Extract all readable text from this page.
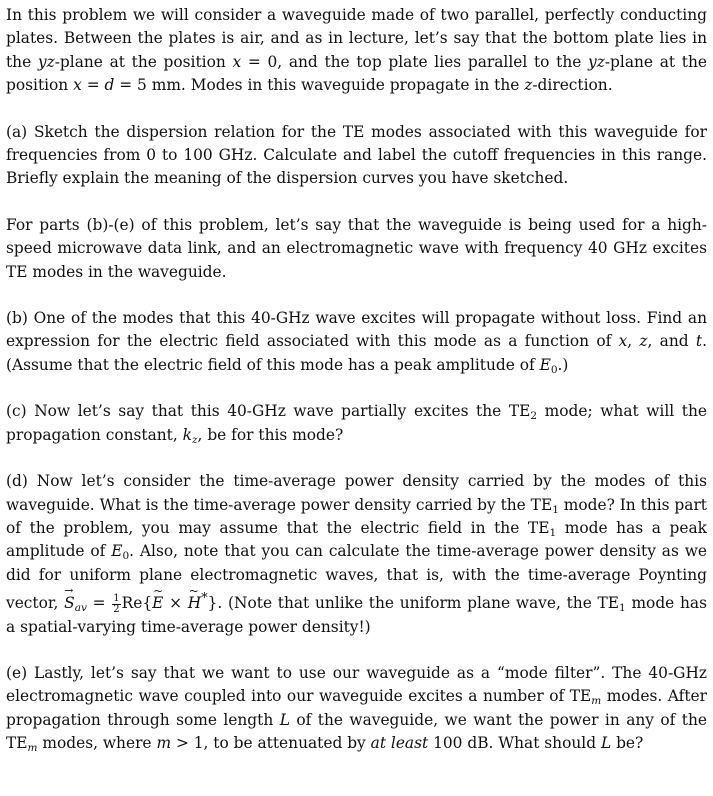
In this problem we will consider a waveguide made of two parallel, perfectly conducting plates. Between the plates is air, and as in lecture, let’s say that the bottom plate lies in the yz-plane at the position x = 0, and the top plate lies parallel to the yz-plane at the position x = d = 5 mm. Modes in this waveguide propagate in the z-direction.

(a) Sketch the dispersion relation for the TE modes associated with this waveguide for frequencies from 0 to 100 GHz. Calculate and label the cutoff frequencies in this range. Briefly explain the meaning of the dispersion curves you have sketched.

For parts (b)-(e) of this problem, let’s say that the waveguide is being used for a high-speed microwave data link, and an electromagnetic wave with frequency 40 GHz excites TE modes in the waveguide.

(b) One of the modes that this 40-GHz wave excites will propagate without loss. Find an expression for the electric field associated with this mode as a function of x, z, and t. (Assume that the electric field of this mode has a peak amplitude of $E_0$.)

(c) Now let’s say that this 40-GHz wave partially excites the $TE_2$ mode; what will the propagation constant, $k_z$, be for this mode?

(d) Now let’s consider the time-average power density carried by the modes of this waveguide. What is the time-average power density carried by the $TE_1$ mode? In this part of the problem, you may assume that the electric field in the $TE_1$ mode has a peak amplitude of $E_0$. Also, note that you can calculate the time-average power density as we did for uniform plane electromagnetic waves, that is, with the time-average Poynting vector, → $S_{av} = \frac{1}{2}$ Re{~ E × ~ H*}. (Note that unlike the uniform plane wave, the $TE_1$ mode has a spatial-varying time-average power density!)

(e) Lastly, let’s say that we want to use our waveguide as a “mode filter”. The 40-GHz electromagnetic wave coupled into our waveguide excites a number of $TE_m$ modes. After propagation through some length L of the waveguide, we want the power in any of the $TE_m$ modes, where m > 1, to be attenuated by at least 100 dB. What should L be?
